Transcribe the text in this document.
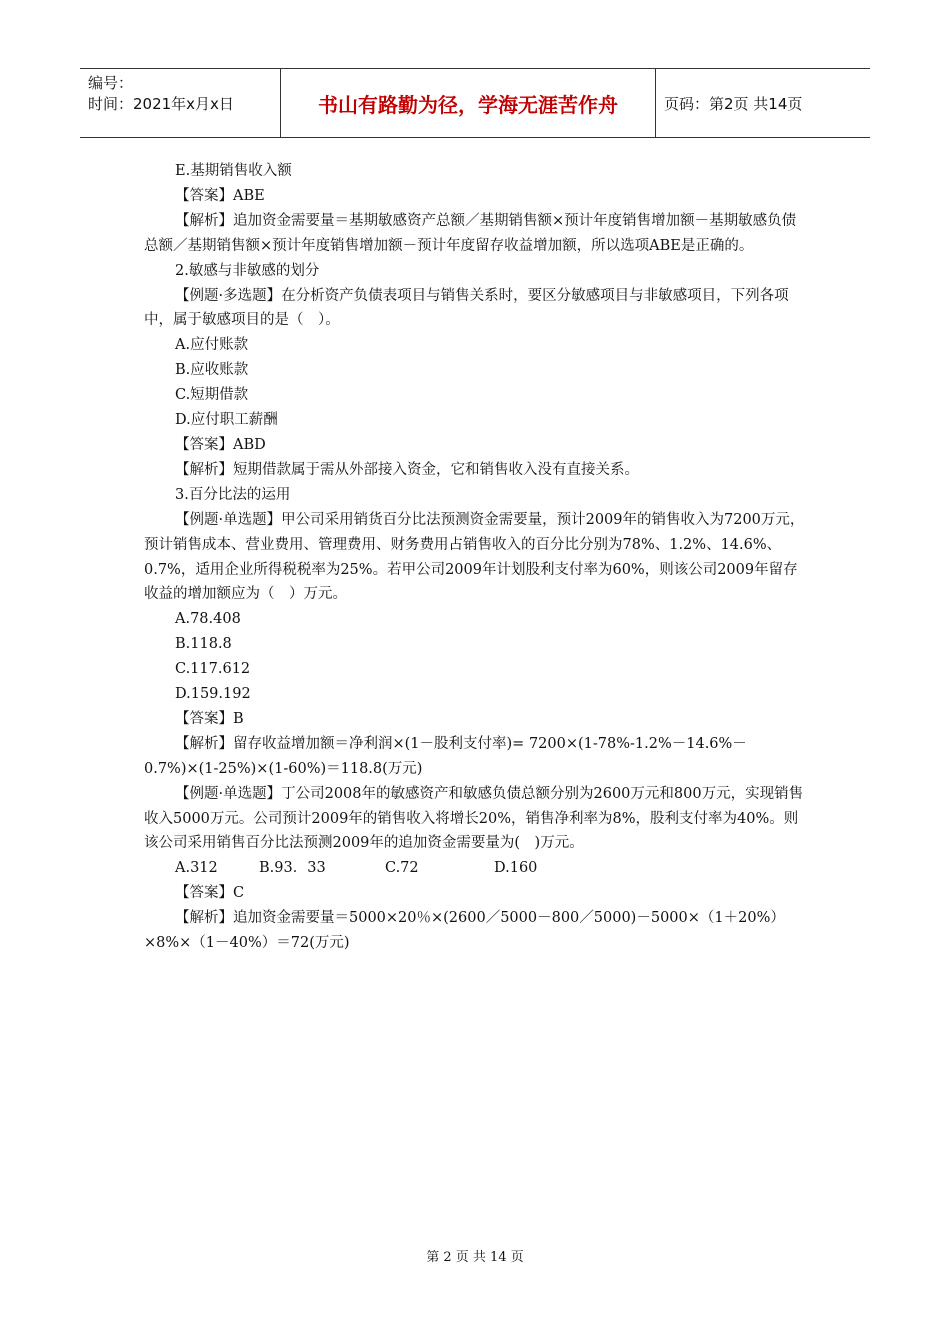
编号：
时间：2021年x月x日	书山有路勤为径，学海无涯苦作舟	页码：第2页 共14页

E.基期销售收入额

【答案】ABE

【解析】追加资金需要量＝基期敏感资产总额／基期销售额×预计年度销售增加额－基期敏感负债总额／基期销售额×预计年度销售增加额－预计年度留存收益增加额，所以选项ABE是正确的。

2.敏感与非敏感的划分

【例题·多选题】在分析资产负债表项目与销售关系时，要区分敏感项目与非敏感项目，下列各项中，属于敏感项目的是（　）。

A.应付账款

B.应收账款

C.短期借款

D.应付职工薪酬

【答案】ABD

【解析】短期借款属于需从外部接入资金，它和销售收入没有直接关系。

3.百分比法的运用

【例题·单选题】甲公司采用销货百分比法预测资金需要量，预计2009年的销售收入为7200万元，预计销售成本、营业费用、管理费用、财务费用占销售收入的百分比分别为78%、1.2%、14.6%、0.7%，适用企业所得税税率为25%。若甲公司2009年计划股利支付率为60%，则该公司2009年留存收益的增加额应为（　）万元。

A.78.408

B.118.8

C.117.612

D.159.192

【答案】B

【解析】留存收益增加额＝净利润×(1－股利支付率)= 7200×(1-78%-1.2%－14.6%－0.7%)×(1-25%)×(1-60%)＝118.8(万元)

【例题·单选题】丁公司2008年的敏感资产和敏感负债总额分别为2600万元和800万元，实现销售收入5000万元。公司预计2009年的销售收入将增长20%，销售净利率为8%，股利支付率为40%。则该公司采用销售百分比法预测2009年的追加资金需要量为(　)万元。

A.312	B.93．33	C.72	D.160

【答案】C

【解析】追加资金需要量＝5000×20％×(2600／5000－800／5000)－5000×（1＋20%）×8%×（1－40%）＝72(万元)

第 2 页 共 14 页
